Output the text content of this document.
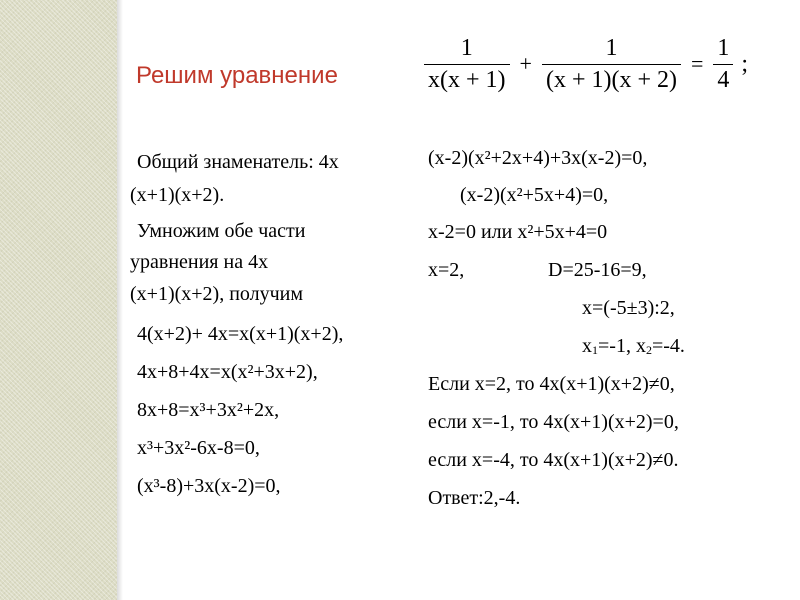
Решим уравнение	$\frac{1}{x(x + 1)} + \frac{1}{(x + 1)(x + 2)} = \frac{1}{4}$ ;

Общий знаменатель: 4x

(x+1)(x+2).

Умножим обе части

уравнения на 4x

(x+1)(x+2), получим

4(x+2)+ 4x=x(x+1)(x+2),

4x+8+4x=x(x²+3x+2),

8x+8=x³+3x²+2x,

x³+3x²-6x-8=0,

(x³-8)+3x(x-2)=0,

(x-2)(x²+2x+4)+3x(x-2)=0,

(x-2)(x²+5x+4)=0,

x-2=0 или x²+5x+4=0

x=2,	D=25-16=9,

x=(-5±3):2,

$x_1=-1$, $x_2=-4$.

Если x=2, то 4x(x+1)(x+2)≠0,

если x=-1, то 4x(x+1)(x+2)=0,

если x=-4, то 4x(x+1)(x+2)≠0.

Ответ:2,-4.
